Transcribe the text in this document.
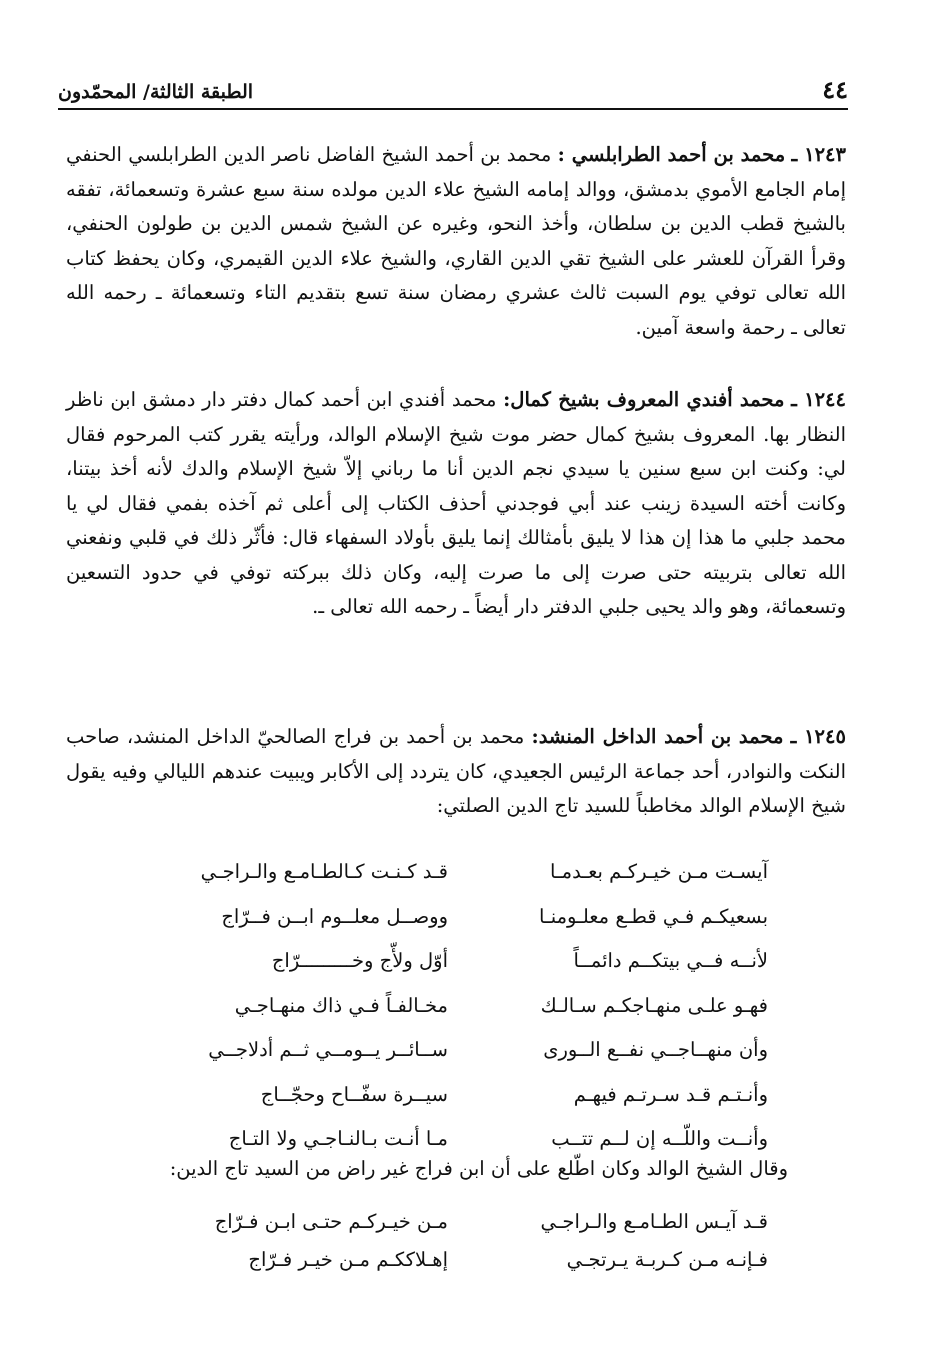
٤٤
الطبقة الثالثة/ المحمّدون

١٢٤٣ ـ محمد بن أحمد الطرابلسي : محمد بن أحمد الشيخ الفاضل ناصر الدين الطرابلسي الحنفي إمام الجامع الأموي بدمشق، ووالد إمامه الشيخ علاء الدين مولده سنة سبع عشرة وتسعمائة، تفقه بالشيخ قطب الدين بن سلطان، وأخذ النحو، وغيره عن الشيخ شمس الدين بن طولون الحنفي، وقرأ القرآن للعشر على الشيخ تقي الدين القاري، والشيخ علاء الدين القيمري، وكان يحفظ كتاب الله تعالى توفي يوم السبت ثالث عشري رمضان سنة تسع بتقديم التاء وتسعمائة ـ رحمه الله تعالى ـ رحمة واسعة آمين.

١٢٤٤ ـ محمد أفندي المعروف بشيخ كمال: محمد أفندي ابن أحمد كمال دفتر دار دمشق ابن ناظر النظار بها. المعروف بشيخ كمال حضر موت شيخ الإسلام الوالد، ورأيته يقرر كتب المرحوم فقال لي: وكنت ابن سبع سنين يا سيدي نجم الدين أنا ما رباني إلاّ شيخ الإسلام والدك لأنه أخذ بيتنا، وكانت أخته السيدة زينب عند أبي فوجدني أحذف الكتاب إلى أعلى ثم آخذه بفمي فقال لي يا محمد جلبي ما هذا إن هذا لا يليق بأمثالك إنما يليق بأولاد السفهاء قال: فأثّر ذلك في قلبي ونفعني الله تعالى بتربيته حتى صرت إلى ما صرت إليه، وكان ذلك ببركته توفي في حدود التسعين وتسعمائة، وهو والد يحيى جلبي الدفتر دار أيضاً ـ رحمه الله تعالى ـ.

١٢٤٥ ـ محمد بن أحمد الداخل المنشد: محمد بن أحمد بن فراج الصالحيّ الداخل المنشد، صاحب النكت والنوادر، أحد جماعة الرئيس الجعيدي، كان يتردد إلى الأكابر ويبيت عندهم الليالي وفيه يقول شيخ الإسلام الوالد مخاطباً للسيد تاج الدين الصلتي:

آيسـت مـن خيـركـم بعـدمـا
قـد كـنـت كـالطـامـع والـراجـي
بسعيكـم فـي قطـع معلـومنـا
ووصــل معلــوم ابــن فــرّاج
لأنــه فــي بيتكــم دائمــاً
أوّل ولأّج وخـــــــــرّاج
فهـو علـى منهـاجكـم سـالـك
مخـالفـاً فـي ذاك منهـاجـي
وأن منهــاجــي نفــع الــورى
ســائــر يــومــي ثــم أدلاجــي
وأنـتـم قـد سـرتـم فيهـم
سيــرة سفّــاح وحجّــاج
وأنــت واللّــه إن لــم تتــب
مـا أنـت بـالنـاجـي ولا التـاج
وقال الشيخ الوالد وكان اطّلع على أن ابن فراج غير راض من السيد تاج الدين:
قـد آيـس الطـامـع والـراجـي
مـن خيـركـم حتـى ابـن فـرّاج
فـإنـه مـن كـربـة يـرتجـي
إهـلاككـم مـن خيـر فـرّاج
